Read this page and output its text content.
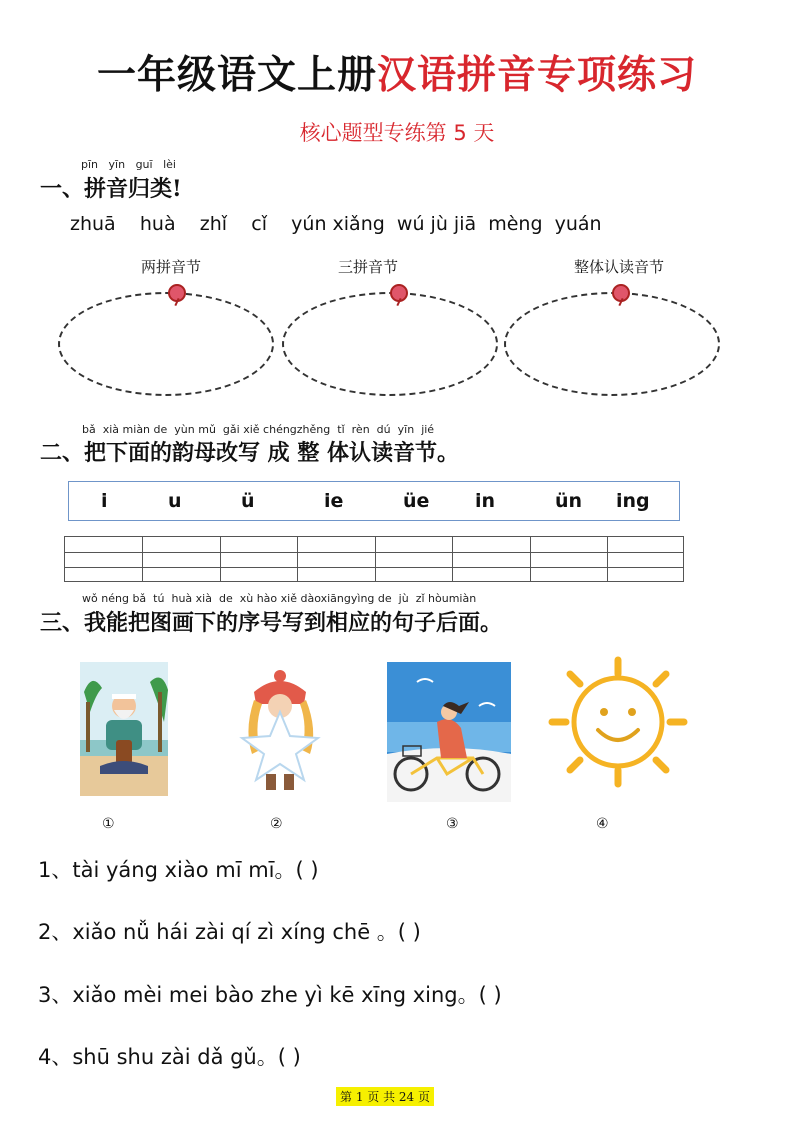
一年级语文上册汉语拼音专项练习
核心题型专练第 5 天
pīn yīn guī lèi
一、拼音归类!
zhuā huà zhǐ cǐ yún xiǎng wú jù jiā mèng yuán
两拼音节	三拼音节	整体认读音节
bǎ xià miàn de yùn mǔ gǎi xiě chéngzhěng tǐ rèn dú yīn jié
二、把下面的韵母改写 成 整 体认读音节。
i	u	ü	ie	üe in	ün ing
wǒ néng bǎ tú huà xià de xù hào xiě dàoxiāngyìng de jù zǐ hòumiàn
三、我能把图画下的序号写到相应的句子后面。
①	②	③	④
1、tài yáng xiào mī mī。( )
2、xiǎo nǚ hái zài qí zì xíng chē 。( )
3、xiǎo mèi mei bào zhe yì kē xīng xing。( )
4、shū shu zài dǎ gǔ。( )
第 1 页 共 24 页
